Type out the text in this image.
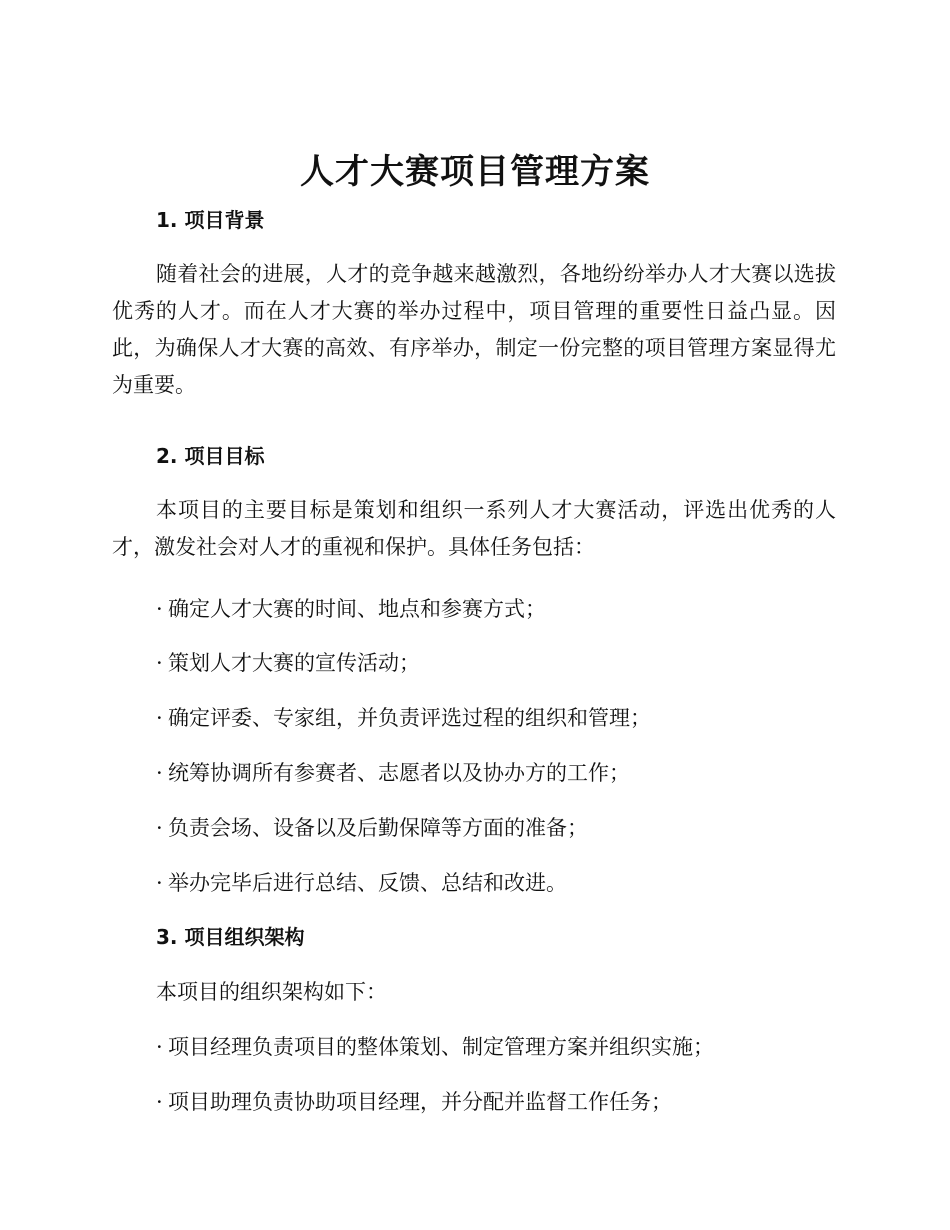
人才大赛项目管理方案
1. 项目背景

随着社会的进展，人才的竞争越来越激烈，各地纷纷举办人才大赛以选拔优秀的人才。而在人才大赛的举办过程中，项目管理的重要性日益凸显。因此，为确保人才大赛的高效、有序举办，制定一份完整的项目管理方案显得尤为重要。

2. 项目目标

本项目的主要目标是策划和组织一系列人才大赛活动，评选出优秀的人才，激发社会对人才的重视和保护。具体任务包括：

· 确定人才大赛的时间、地点和参赛方式；

· 策划人才大赛的宣传活动；

· 确定评委、专家组，并负责评选过程的组织和管理；

· 统筹协调所有参赛者、志愿者以及协办方的工作；

· 负责会场、设备以及后勤保障等方面的准备；

· 举办完毕后进行总结、反馈、总结和改进。

3. 项目组织架构

本项目的组织架构如下：

· 项目经理负责项目的整体策划、制定管理方案并组织实施；

· 项目助理负责协助项目经理，并分配并监督工作任务；
